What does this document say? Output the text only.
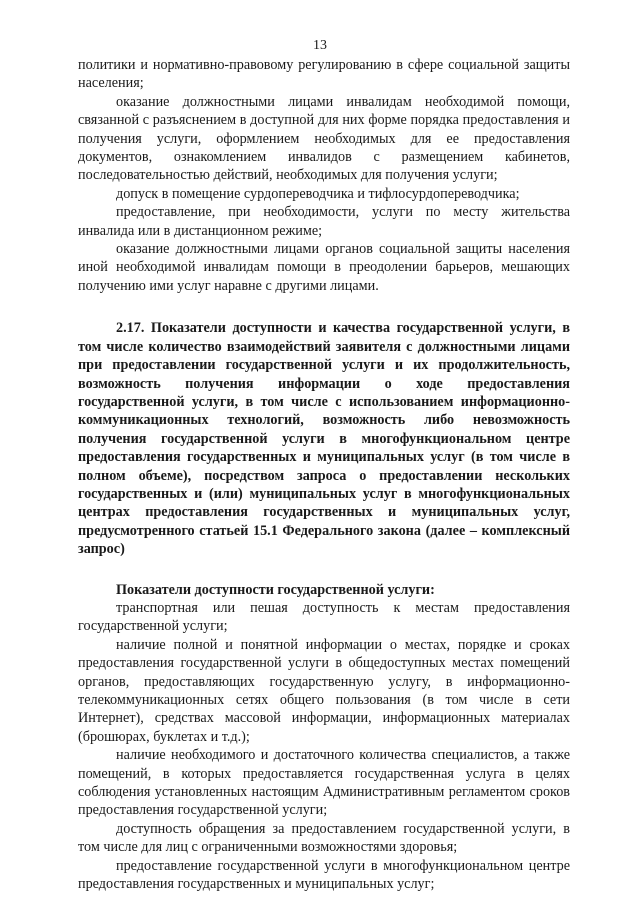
13

политики и нормативно-правовому регулированию в сфере социальной защиты населения;

оказание должностными лицами инвалидам необходимой помощи, связанной с разъяснением в доступной для них форме порядка предоставления и получения услуги, оформлением необходимых для ее предоставления документов, ознакомлением инвалидов с размещением кабинетов, последовательностью действий, необходимых для получения услуги;

допуск в помещение сурдопереводчика и тифлосурдопереводчика;

предоставление, при необходимости, услуги по месту жительства инвалида или в дистанционном режиме;

оказание должностными лицами органов социальной защиты населения иной необходимой инвалидам помощи в преодолении барьеров, мешающих получению ими услуг наравне с другими лицами.

2.17. Показатели доступности и качества государственной услуги, в том числе количество взаимодействий заявителя с должностными лицами при предоставлении государственной услуги и их продолжительность, возможность получения информации о ходе предоставления государственной услуги, в том числе с использованием информационно-коммуникационных технологий, возможность либо невозможность получения государственной услуги в многофункциональном центре предоставления государственных и муниципальных услуг (в том числе в полном объеме), посредством запроса о предоставлении нескольких государственных и (или) муниципальных услуг в многофункциональных центрах предоставления государственных и муниципальных услуг, предусмотренного статьей 15.1 Федерального закона (далее – комплексный запрос)

Показатели доступности государственной услуги:

транспортная или пешая доступность к местам предоставления государственной услуги;

наличие полной и понятной информации о местах, порядке и сроках предоставления государственной услуги в общедоступных местах помещений органов, предоставляющих государственную услугу, в информационно-телекоммуникационных сетях общего пользования (в том числе в сети Интернет), средствах массовой информации, информационных материалах (брошюрах, буклетах и т.д.);

наличие необходимого и достаточного количества специалистов, а также помещений, в которых предоставляется государственная услуга в целях соблюдения установленных настоящим Административным регламентом сроков предоставления государственной услуги;

доступность обращения за предоставлением государственной услуги, в том числе для лиц с ограниченными возможностями здоровья;

предоставление государственной услуги в многофункциональном центре предоставления государственных и муниципальных услуг;
